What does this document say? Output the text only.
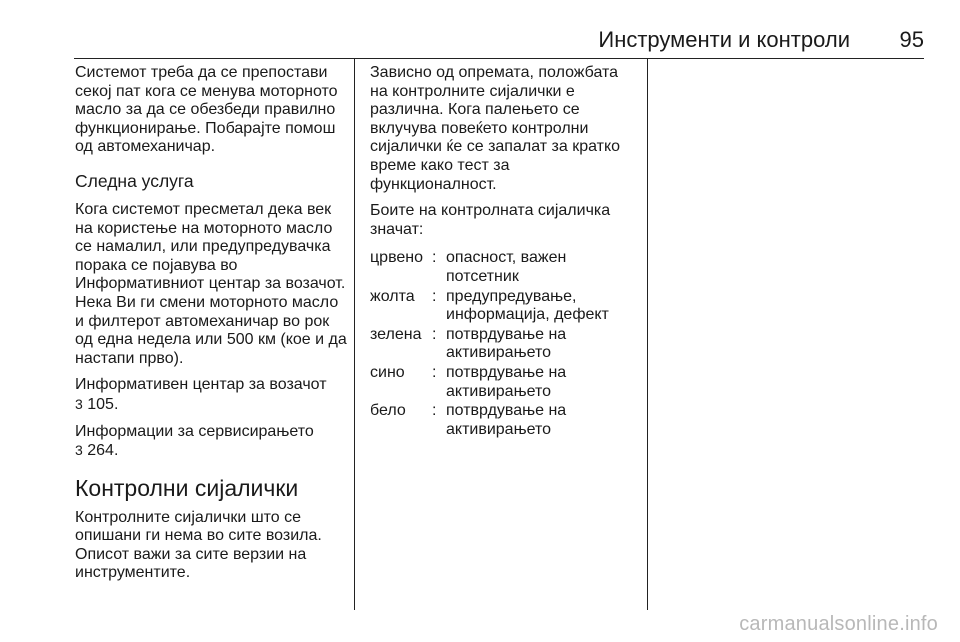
Инструменти и контроли 95

Системот треба да се препостави секој пат кога се менува моторното масло за да се обезбеди правилно функционирање. Побарајте помош од автомеханичар.

Следна услуга

Кога системот пресметал дека век на користење на моторното масло се намалил, или предупредувачка порака се појавува во Информативниот центар за возачот. Нека Ви ги смени моторното масло и филтерот автомеханичар во рок од една недела или 500 км (кое и да настапи прво).

Информативен центар за возачот
3 105.

Информации за сервисирањето
3 264.

Контролни сијалички

Контролните сијалички што се опишани ги нема во сите возила. Описот важи за сите верзии на инструментите.

Зависно од опремата, положбата на контролните сијалички е различна. Кога палењето се вклучува повеќето контролни сијалички ќе се запалат за кратко време како тест за функционалност.

Боите на контролната сијаличка значат:

црвено : опасност, важен потсетник
жолта	: предупредување, информација, дефект
зелена : потврдување на активирањето
сино	: потврдување на активирањето
бело	: потврдување на активирањето
carmanualsonline.info
